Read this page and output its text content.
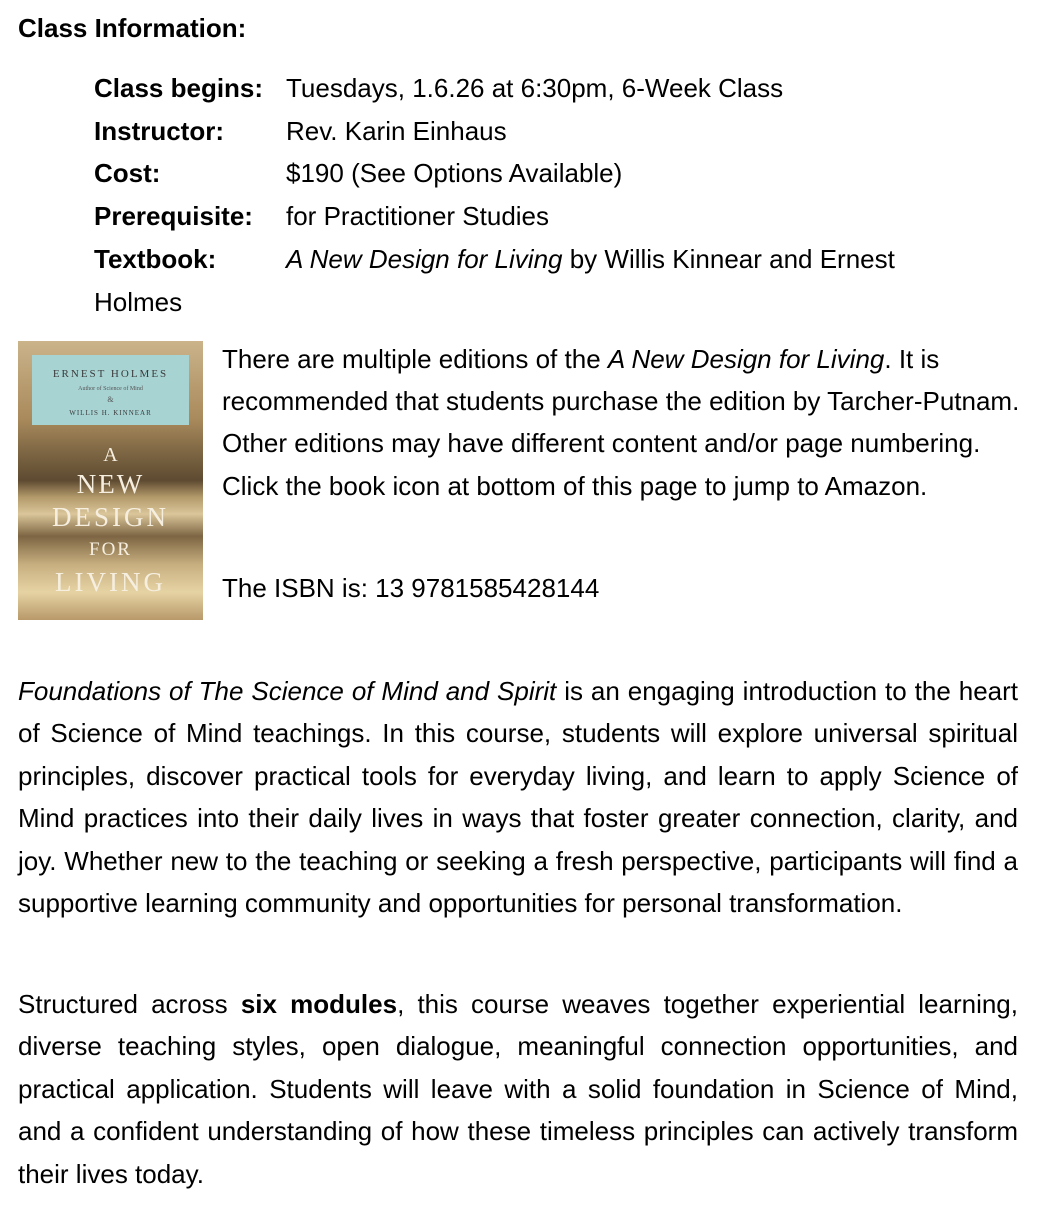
Class Information:
Class begins: Tuesdays, 1.6.26 at 6:30pm, 6-Week Class
Instructor:	Rev. Karin Einhaus
Cost:	$190 (See Options Available)
Prerequisite:	for Practitioner Studies
Textbook:	A New Design for Living by Willis Kinnear and Ernest Holmes
ERNEST HOLMES
Author of Science of Mind
&
WILLIS H. KINNEAR
A
NEW
DESIGN
FOR
LIVING
There are multiple editions of the A New Design for Living. It is recommended that students purchase the edition by Tarcher-Putnam. Other editions may have different content and/or page numbering. Click the book icon at bottom of this page to jump to Amazon.
The ISBN is: 13 9781585428144
Foundations of The Science of Mind and Spirit is an engaging introduction to the heart of Science of Mind teachings. In this course, students will explore universal spiritual principles, discover practical tools for everyday living, and learn to apply Science of Mind practices into their daily lives in ways that foster greater connection, clarity, and joy. Whether new to the teaching or seeking a fresh perspective, participants will find a supportive learning community and opportunities for personal transformation.
Structured across six modules, this course weaves together experiential learning, diverse teaching styles, open dialogue, meaningful connection opportunities, and practical application. Students will leave with a solid foundation in Science of Mind, and a confident understanding of how these timeless principles can actively transform their lives today.
